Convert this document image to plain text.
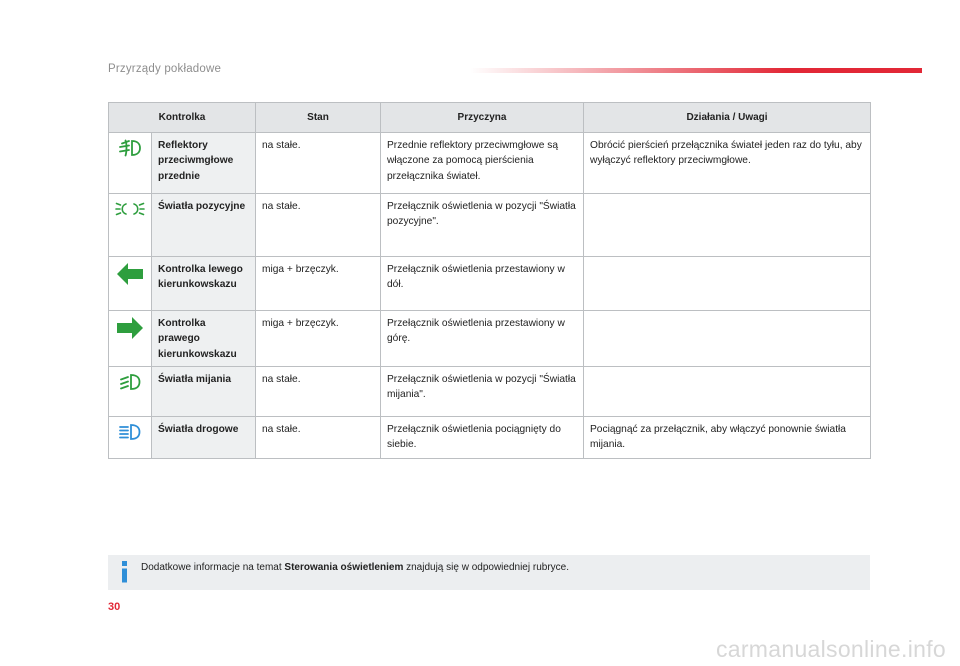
Przyrządy pokładowe
Kontrolka		Stan	Przyczyna	Działania / Uwagi
	Reflektory przeciwmgłowe przednie	na stałe.	Przednie reflektory przeciwmgłowe są włączone za pomocą pierścienia przełącznika świateł.	Obrócić pierścień przełącznika świateł jeden raz do tyłu, aby wyłączyć reflektory przeciwmgłowe.
	Światła pozycyjne	na stałe.	Przełącznik oświetlenia w pozycji "Światła pozycyjne".	
	Kontrolka lewego kierunkowskazu	miga + brzęczyk.	Przełącznik oświetlenia przestawiony w dół.	
	Kontrolka prawego kierunkowskazu	miga + brzęczyk.	Przełącznik oświetlenia przestawiony w górę.	
	Światła mijania	na stałe.	Przełącznik oświetlenia w pozycji "Światła mijania".	
	Światła drogowe	na stałe.	Przełącznik oświetlenia pociągnięty do siebie.	Pociągnąć za przełącznik, aby włączyć ponownie światła mijania.
Dodatkowe informacje na temat Sterowania oświetleniem znajdują się w odpowiedniej rubryce.
30
carmanualsonline.info
